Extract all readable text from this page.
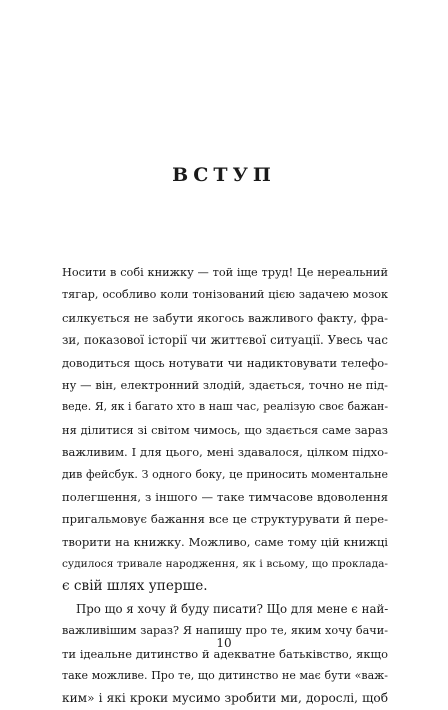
ВСТУП
Носити в собі книжку — той іще труд! Це нереальний
тягар, особливо коли тонізований цією задачею мозок
силкується не забути якогось важливого факту, фра-
зи, показової історії чи життєвої ситуації. Увесь час
доводиться щось нотувати чи надиктовувати телефо-
ну — він, електронний злодій, здається, точно не під-
веде. Я, як і багато хто в наш час, реалізую своє бажан-
ня ділитися зі світом чимось, що здається саме зараз
важливим. І для цього, мені здавалося, цілком підхо-
див фейсбук. З одного боку, це приносить моментальне
полегшення, з іншого — таке тимчасове вдоволення
пригальмовує бажання все це структурувати й пере-
творити на книжку. Можливо, саме тому цій книжці
судилося тривале народження, як і всьому, що проклада-
є свій шлях уперше.
Про що я хочу й буду писати? Що для мене є най-
важливішим зараз? Я напишу про те, яким хочу бачи-
ти ідеальне дитинство й адекватне батьківство, якщо
таке можливе. Про те, що дитинство не має бути «важ-
ким» і які кроки мусимо зробити ми, дорослі, щоб
10
